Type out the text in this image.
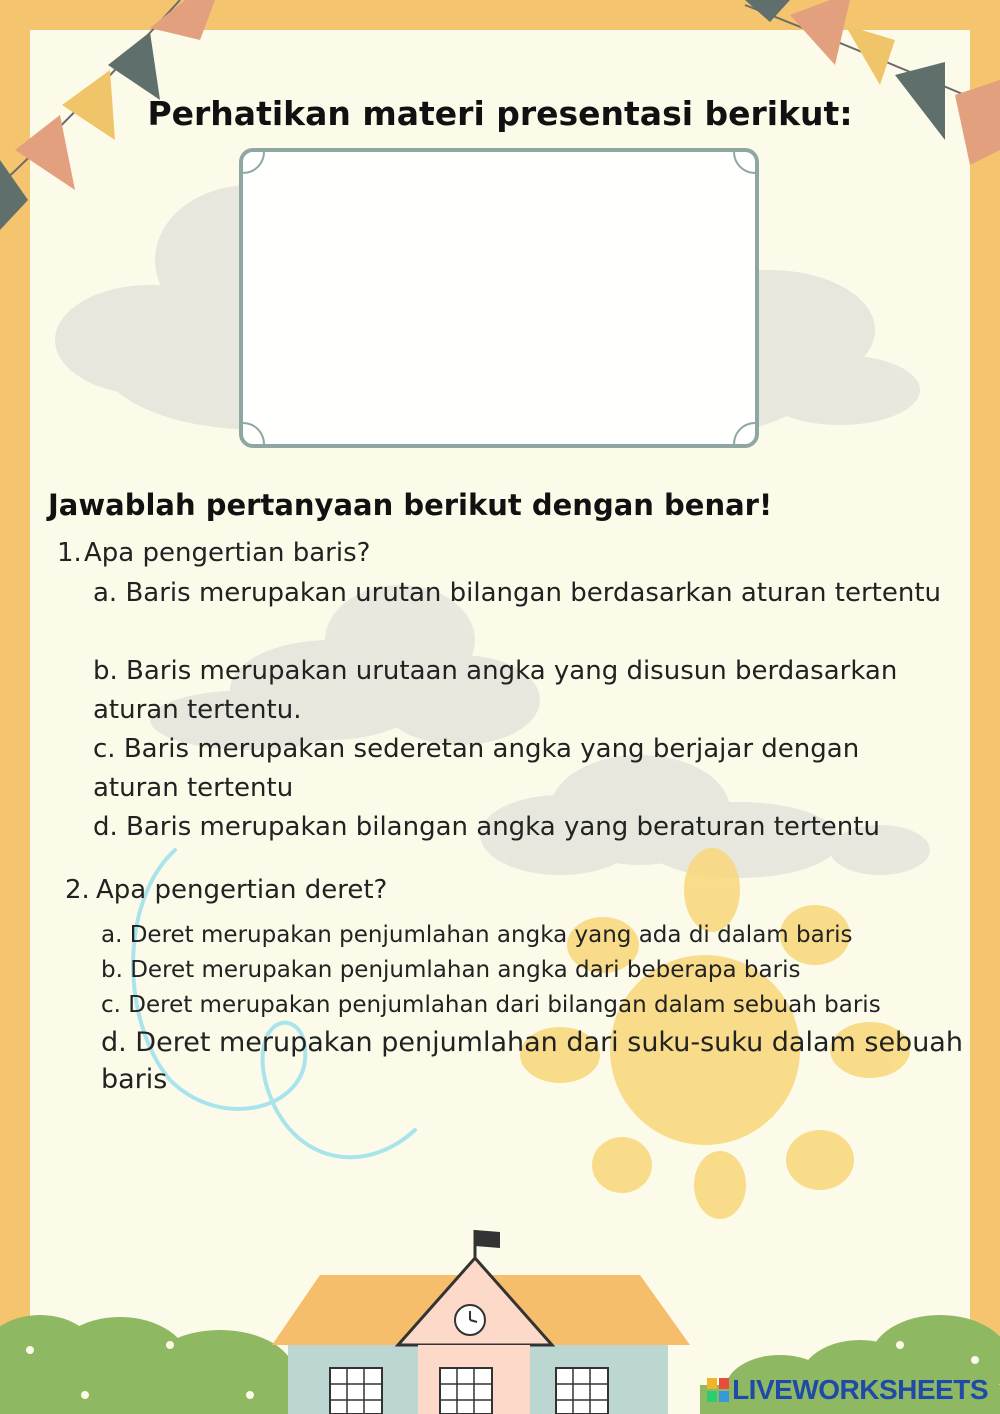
Perhatikan materi presentasi berikut:
Jawablah pertanyaan berikut dengan benar!
1. Apa pengertian baris?
a. Baris merupakan urutan bilangan berdasarkan aturan tertentu
b. Baris merupakan urutaan angka yang disusun berdasarkan aturan tertentu.
c. Baris merupakan sederetan angka yang berjajar dengan aturan tertentu
d. Baris merupakan bilangan angka yang beraturan tertentu
2. Apa pengertian deret?
a. Deret merupakan penjumlahan angka yang ada di dalam baris
b. Deret merupakan penjumlahan angka dari beberapa baris
c. Deret merupakan penjumlahan dari bilangan dalam sebuah baris
d. Deret merupakan penjumlahan dari suku-suku dalam sebuah baris
LIVEWORKSHEETS
